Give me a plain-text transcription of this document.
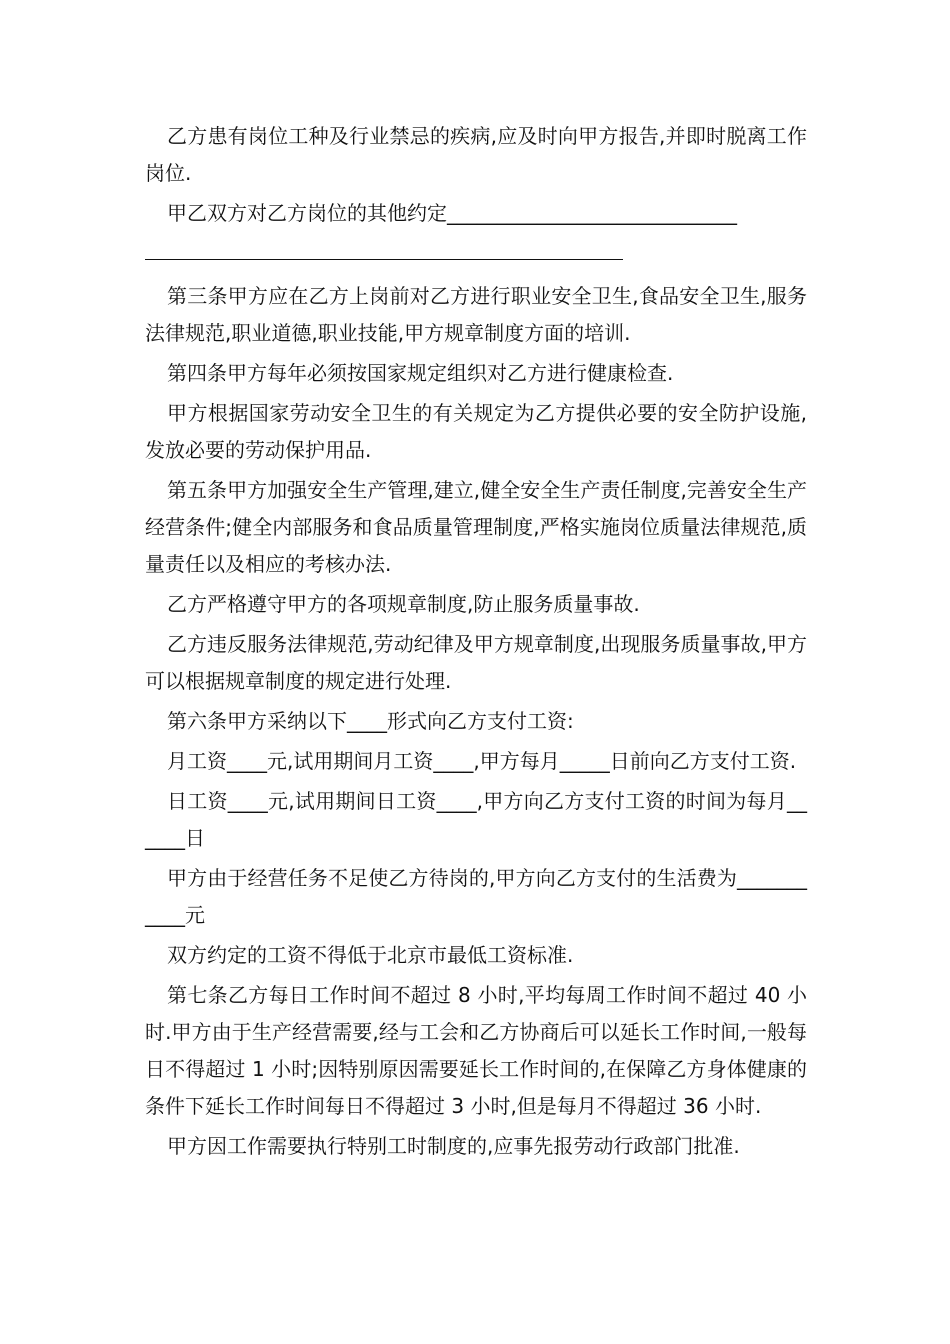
乙方患有岗位工种及行业禁忌的疾病,应及时向甲方报告,并即时脱离工作岗位.

甲乙双方对乙方岗位的其他约定_____________________________

第三条甲方应在乙方上岗前对乙方进行职业安全卫生,食品安全卫生,服务法律规范,职业道德,职业技能,甲方规章制度方面的培训.

第四条甲方每年必须按国家规定组织对乙方进行健康检查.

甲方根据国家劳动安全卫生的有关规定为乙方提供必要的安全防护设施,发放必要的劳动保护用品.

第五条甲方加强安全生产管理,建立,健全安全生产责任制度,完善安全生产经营条件;健全内部服务和食品质量管理制度,严格实施岗位质量法律规范,质量责任以及相应的考核办法.

乙方严格遵守甲方的各项规章制度,防止服务质量事故.

乙方违反服务法律规范,劳动纪律及甲方规章制度,出现服务质量事故,甲方可以根据规章制度的规定进行处理.

第六条甲方采纳以下____形式向乙方支付工资:

月工资____元,试用期间月工资____,甲方每月_____日前向乙方支付工资.

日工资____元,试用期间日工资____,甲方向乙方支付工资的时间为每月______日

甲方由于经营任务不足使乙方待岗的,甲方向乙方支付的生活费为___________元

双方约定的工资不得低于北京市最低工资标准.

第七条乙方每日工作时间不超过 8 小时,平均每周工作时间不超过 40 小时.甲方由于生产经营需要,经与工会和乙方协商后可以延长工作时间,一般每日不得超过 1 小时;因特别原因需要延长工作时间的,在保障乙方身体健康的条件下延长工作时间每日不得超过 3 小时,但是每月不得超过 36 小时.

甲方因工作需要执行特别工时制度的,应事先报劳动行政部门批准.
